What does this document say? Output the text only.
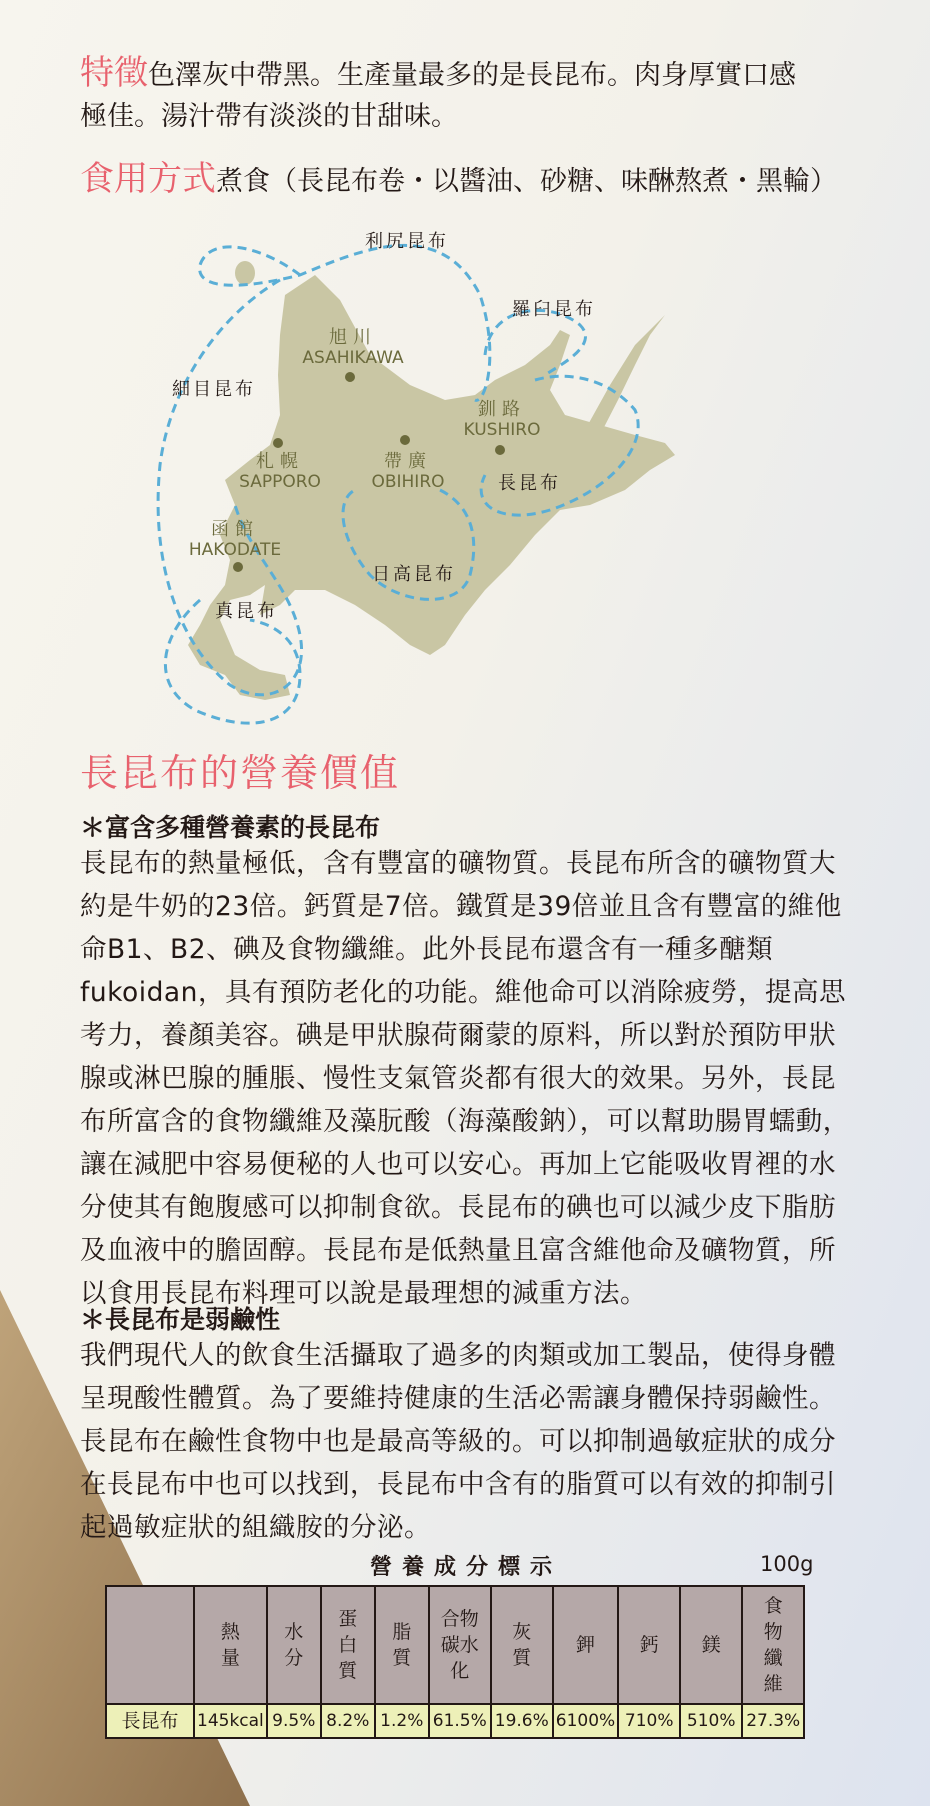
特徵色澤灰中帶黑。生產量最多的是長昆布。肉身厚實口感
極佳。湯汁帶有淡淡的甘甜味。
食用方式煮食（長昆布卷・以醬油、砂糖、味醂熬煮・黑輪）
利尻昆布
羅臼昆布
細目昆布
長昆布
日高昆布
真昆布
旭川
ASAHIKAWA
釧路
KUSHIRO
札幌
SAPPORO
帶廣
OBIHIRO
函館
HAKODATE
長昆布的營養價值
＊富含多種營養素的長昆布
長昆布的熱量極低，含有豐富的礦物質。長昆布所含的礦物質大
約是牛奶的23倍。鈣質是7倍。鐵質是39倍並且含有豐富的維他
命B1、B2、碘及食物纖維。此外長昆布還含有一種多醣類
fukoidan，具有預防老化的功能。維他命可以消除疲勞，提高思
考力，養顏美容。碘是甲狀腺荷爾蒙的原料，所以對於預防甲狀
腺或淋巴腺的腫脹、慢性支氣管炎都有很大的效果。另外，長昆
布所富含的食物纖維及藻朊酸（海藻酸鈉），可以幫助腸胃蠕動，
讓在減肥中容易便秘的人也可以安心。再加上它能吸收胃裡的水
分使其有飽腹感可以抑制食欲。長昆布的碘也可以減少皮下脂肪
及血液中的膽固醇。長昆布是低熱量且富含維他命及礦物質，所
以食用長昆布料理可以說是最理想的減重方法。
＊長昆布是弱鹼性
我們現代人的飲食生活攝取了過多的肉類或加工製品，使得身體
呈現酸性體質。為了要維持健康的生活必需讓身體保持弱鹼性。
長昆布在鹼性食物中也是最高等級的。可以抑制過敏症狀的成分
在長昆布中也可以找到，長昆布中含有的脂質可以有效的抑制引
起過敏症狀的組織胺的分泌。
營養成分標示	100g
	熱量	水分	蛋白質	脂質	合物碳水化	灰質	鉀	鈣	鎂	食物纖維
長昆布	145kcal	9.5%	8.2%	1.2%	61.5%	19.6%	6100%	710%	510%	27.3%
